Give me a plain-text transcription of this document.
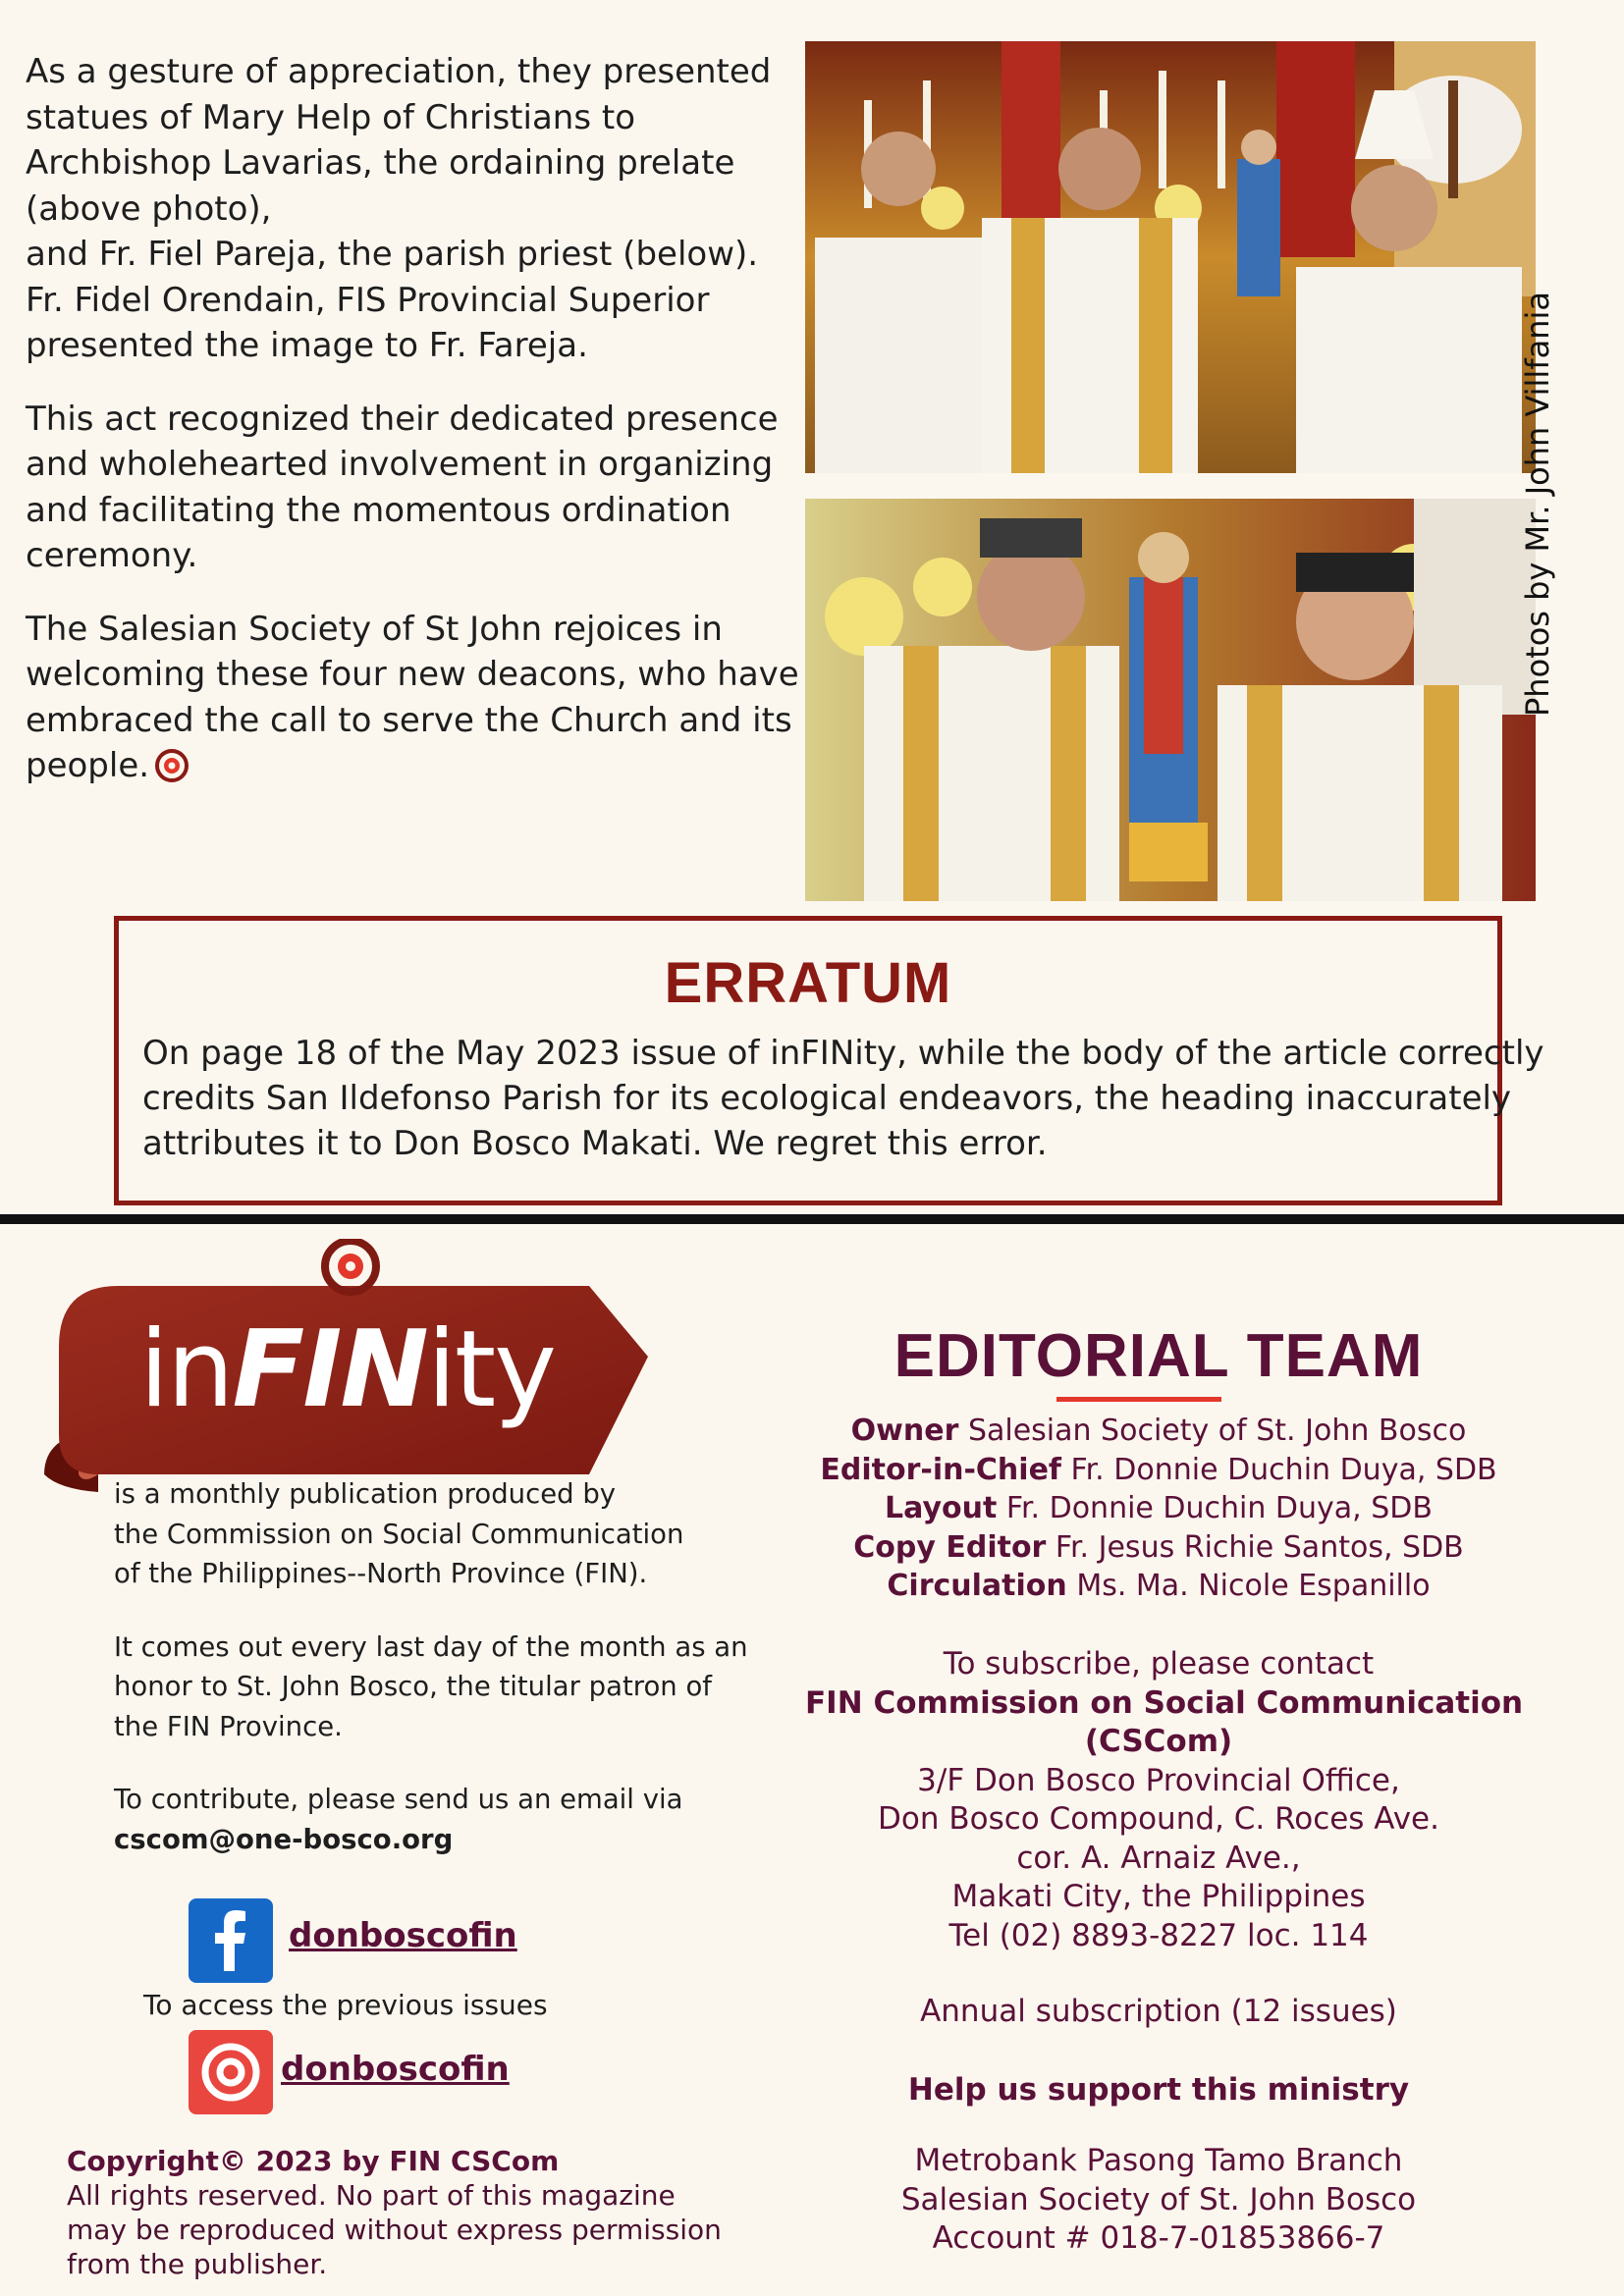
As a gesture of appreciation, they presented
statues of Mary Help of Christians to
Archbishop Lavarias, the ordaining prelate
(above photo),
and Fr. Fiel Pareja, the parish priest (below).
Fr. Fidel Orendain, FIS Provincial Superior
presented the image to Fr. Fareja.

This act recognized their dedicated presence
and wholehearted involvement in organizing
and facilitating the momentous ordination
ceremony.

The Salesian Society of St John rejoices in
welcoming these four new deacons, who have
embraced the call to serve the Church and its
people.

Photos by Mr. John Villfania
ERRATUM
On page 18 of the May 2023 issue of inFINity, while the body of the article correctly
credits San Ildefonso Parish for its ecological endeavors, the heading inaccurately
attributes it to Don Bosco Makati. We regret this error.
inFINity

is a monthly publication produced by
the Commission on Social Communication
of the Philippines--North Province (FIN).

It comes out every last day of the month as an
honor to St. John Bosco, the titular patron of
the FIN Province.

To contribute, please send us an email via
cscom@one-bosco.org

donboscofin
To access the previous issues
donboscofin
Copyright© 2023 by FIN CSCom
All rights reserved. No part of this magazine
may be reproduced without express permission
from the publisher.
EDITORIAL TEAM
Owner Salesian Society of St. John Bosco
Editor-in-Chief Fr. Donnie Duchin Duya, SDB
Layout Fr. Donnie Duchin Duya, SDB
Copy Editor Fr. Jesus Richie Santos, SDB
Circulation Ms. Ma. Nicole Espanillo
To subscribe, please contact
FIN Commission on Social Communication
(CSCom)
3/F Don Bosco Provincial Office,
Don Bosco Compound, C. Roces Ave.
cor. A. Arnaiz Ave.,
Makati City, the Philippines
Tel (02) 8893-8227 loc. 114
Annual subscription (12 issues)
Help us support this ministry
Metrobank Pasong Tamo Branch
Salesian Society of St. John Bosco
Account # 018-7-01853866-7
